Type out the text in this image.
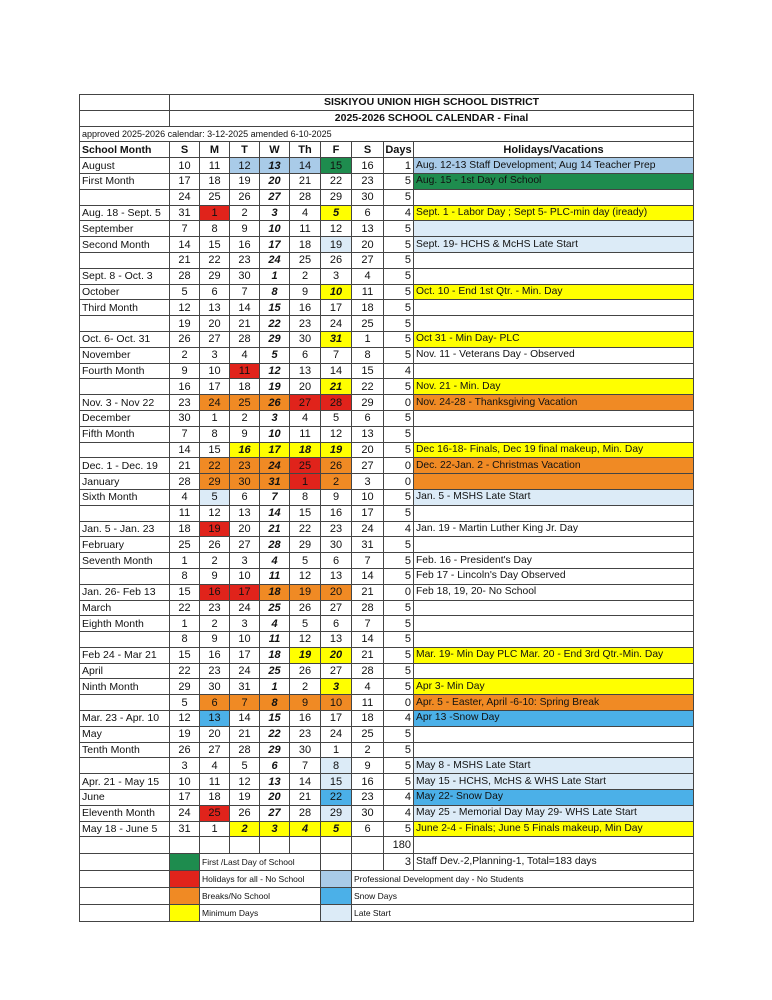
	SISKIYOU UNION HIGH SCHOOL DISTRICT								
	2025-2026 SCHOOL CALENDAR - Final								
approved 2025-2026 calendar: 3-12-2025 amended 6-10-2025									
School Month	S	M	T	W	Th	F	S	Days	Holidays/Vacations
August	10	11	12	13	14	15	16	1	Aug. 12-13 Staff Development; Aug 14 Teacher Prep
First Month	17	18	19	20	21	22	23	5	Aug. 15 - 1st Day of School
	24	25	26	27	28	29	30	5	
Aug. 18 - Sept. 5	31	1	2	3	4	5	6	4	Sept. 1 - Labor Day ; Sept 5- PLC-min day (iready)
September	7	8	9	10	11	12	13	5	
Second Month	14	15	16	17	18	19	20	5	Sept. 19- HCHS & McHS Late Start
	21	22	23	24	25	26	27	5	
Sept. 8 - Oct. 3	28	29	30	1	2	3	4	5	
October	5	6	7	8	9	10	11	5	Oct. 10 - End 1st Qtr. - Min. Day
Third Month	12	13	14	15	16	17	18	5	
	19	20	21	22	23	24	25	5	
Oct. 6- Oct. 31	26	27	28	29	30	31	1	5	Oct 31 - Min Day- PLC
November	2	3	4	5	6	7	8	5	Nov. 11 - Veterans Day - Observed
Fourth Month	9	10	11	12	13	14	15	4	
	16	17	18	19	20	21	22	5	Nov. 21 - Min. Day
Nov. 3 - Nov 22	23	24	25	26	27	28	29	0	Nov. 24-28 - Thanksgiving Vacation
December	30	1	2	3	4	5	6	5	
Fifth Month	7	8	9	10	11	12	13	5	
	14	15	16	17	18	19	20	5	Dec 16-18- Finals, Dec 19 final makeup, Min. Day
Dec. 1 - Dec. 19	21	22	23	24	25	26	27	0	Dec. 22-Jan. 2 - Christmas Vacation
January	28	29	30	31	1	2	3	0	
Sixth Month	4	5	6	7	8	9	10	5	Jan. 5 - MSHS Late Start
	11	12	13	14	15	16	17	5	
Jan. 5 - Jan. 23	18	19	20	21	22	23	24	4	Jan. 19 - Martin Luther King Jr. Day
February	25	26	27	28	29	30	31	5	
Seventh Month	1	2	3	4	5	6	7	5	Feb. 16 - President's Day
	8	9	10	11	12	13	14	5	Feb 17 - Lincoln's Day Observed
Jan. 26- Feb 13	15	16	17	18	19	20	21	0	Feb 18, 19, 20- No School
March	22	23	24	25	26	27	28	5	
Eighth Month	1	2	3	4	5	6	7	5	
	8	9	10	11	12	13	14	5	
Feb 24 - Mar 21	15	16	17	18	19	20	21	5	Mar. 19- Min Day PLC Mar. 20 - End 3rd Qtr.-Min. Day
April	22	23	24	25	26	27	28	5	
Ninth Month	29	30	31	1	2	3	4	5	Apr 3- Min Day
	5	6	7	8	9	10	11	0	Apr. 5 - Easter, April -6-10: Spring Break
Mar. 23 - Apr. 10	12	13	14	15	16	17	18	4	Apr 13 -Snow Day
May	19	20	21	22	23	24	25	5	
Tenth Month	26	27	28	29	30	1	2	5	
	3	4	5	6	7	8	9	5	May 8 - MSHS Late Start
Apr. 21 - May 15	10	11	12	13	14	15	16	5	May 15 - HCHS, McHS & WHS Late Start
June	17	18	19	20	21	22	23	4	May 22- Snow Day
Eleventh Month	24	25	26	27	28	29	30	4	May 25 - Memorial Day May 29- WHS Late Start
May 18 - June 5	31	1	2	3	4	5	6	5	June 2-4 - Finals; June 5 Finals makeup, Min Day
								180	
		First /Last Day of School						3	Staff Dev.-2,Planning-1, Total=183 days
		Holidays for all - No School					Professional Development day - No Students		
		Breaks/No School					Snow Days		
		Minimum Days					Late Start		
